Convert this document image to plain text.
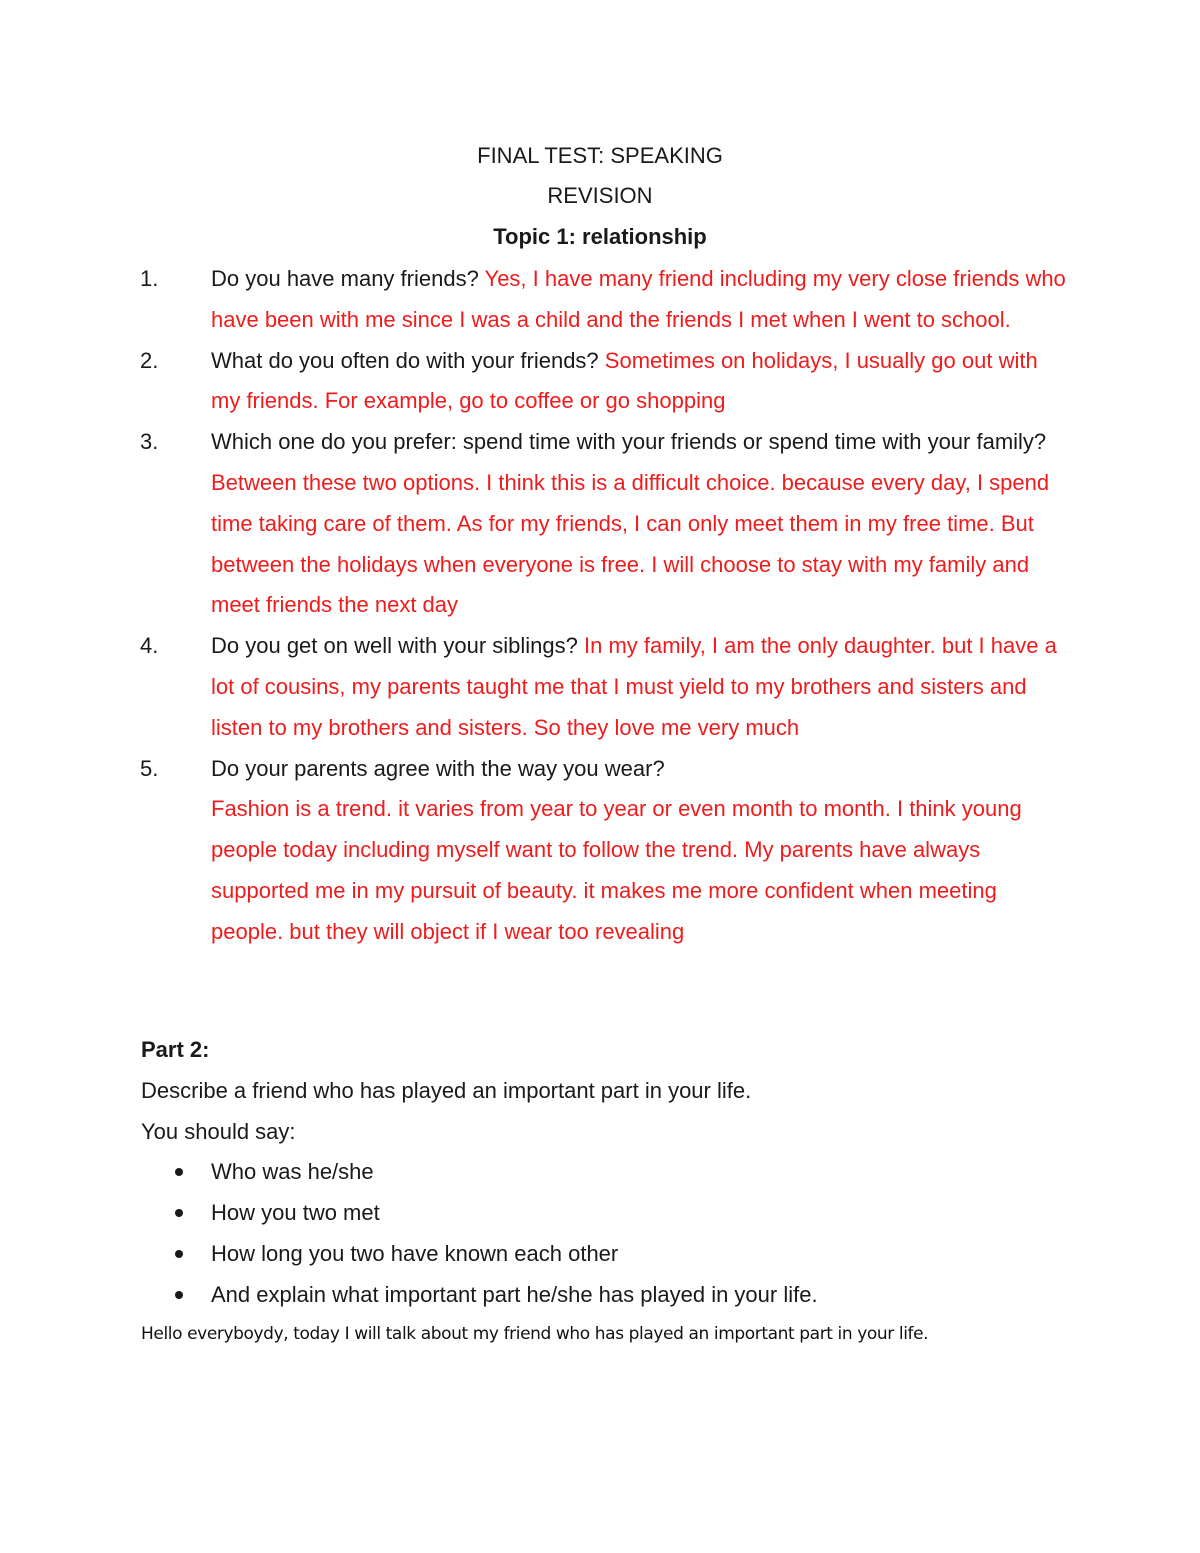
FINAL TEST: SPEAKING
REVISION
Topic 1: relationship
1. Do you have many friends? Yes, I have many friend including my very close friends who have been with me since I was a child and the friends I met when I went to school.
2. What do you often do with your friends? Sometimes on holidays, I usually go out with my friends. For example, go to coffee or go shopping
3. Which one do you prefer: spend time with your friends or spend time with your family? Between these two options. I think this is a difficult choice. because every day, I spend time taking care of them. As for my friends, I can only meet them in my free time. But between the holidays when everyone is free. I will choose to stay with my family and meet friends the next day
4. Do you get on well with your siblings? In my family, I am the only daughter. but I have a lot of cousins, my parents taught me that I must yield to my brothers and sisters and listen to my brothers and sisters. So they love me very much
5. Do your parents agree with the way you wear?
Fashion is a trend. it varies from year to year or even month to month. I think young people today including myself want to follow the trend. My parents have always supported me in my pursuit of beauty. it makes me more confident when meeting people. but they will object if I wear too revealing
Part 2:
Describe a friend who has played an important part in your life.
You should say:
Who was he/she
How you two met
How long you two have known each other
And explain what important part he/she has played in your life.
Hello everyboydy, today I will talk about my friend who has played an important part in your life.
